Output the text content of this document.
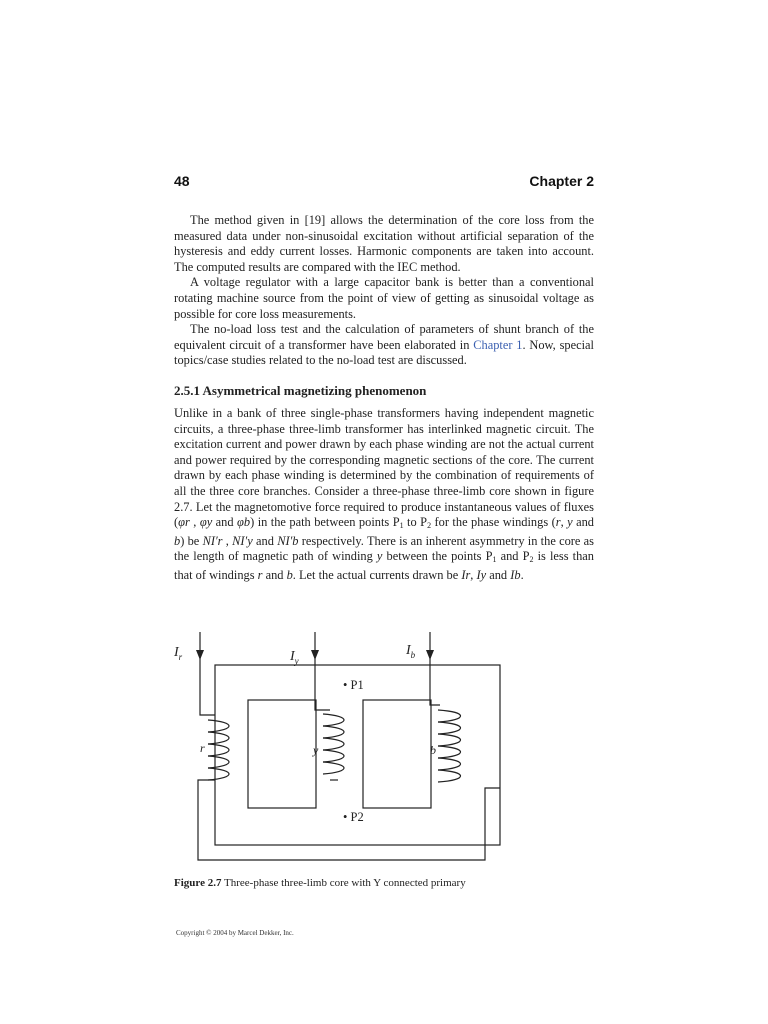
48	Chapter 2

The method given in [19] allows the determination of the core loss from the measured data under non-sinusoidal excitation without artificial separation of the hysteresis and eddy current losses. Harmonic components are taken into account. The computed results are compared with the IEC method.

A voltage regulator with a large capacitor bank is better than a conventional rotating machine source from the point of view of getting as sinusoidal voltage as possible for core loss measurements.

The no-load loss test and the calculation of parameters of shunt branch of the equivalent circuit of a transformer have been elaborated in Chapter 1. Now, special topics/case studies related to the no-load test are discussed.

2.5.1 Asymmetrical magnetizing phenomenon

Unlike in a bank of three single-phase transformers having independent magnetic circuits, a three-phase three-limb transformer has interlinked magnetic circuit. The excitation current and power drawn by each phase winding are not the actual current and power required by the corresponding magnetic sections of the core. The current drawn by each phase winding is determined by the combination of requirements of all the three core branches. Consider a three-phase three-limb core shown in figure 2.7. Let the magnetomotive force required to produce instantaneous values of fluxes (φr , φy and φb) in the path between points $P_1$ to $P_2$ for the phase windings (r, y and b) be NI′r , NI′y and NI′b respectively. There is an inherent asymmetry in the core as the length of magnetic path of winding y between the points $P_1$ and $P_2$ is less than that of windings r and b. Let the actual currents drawn be Ir, Iy and Ib.

$I_r$	$I_y$
$I_b$
r	y	b
• P1
• P2
Figure 2.7 Three-phase three-limb core with Y connected primary
Copyright © 2004 by Marcel Dekker, Inc.
